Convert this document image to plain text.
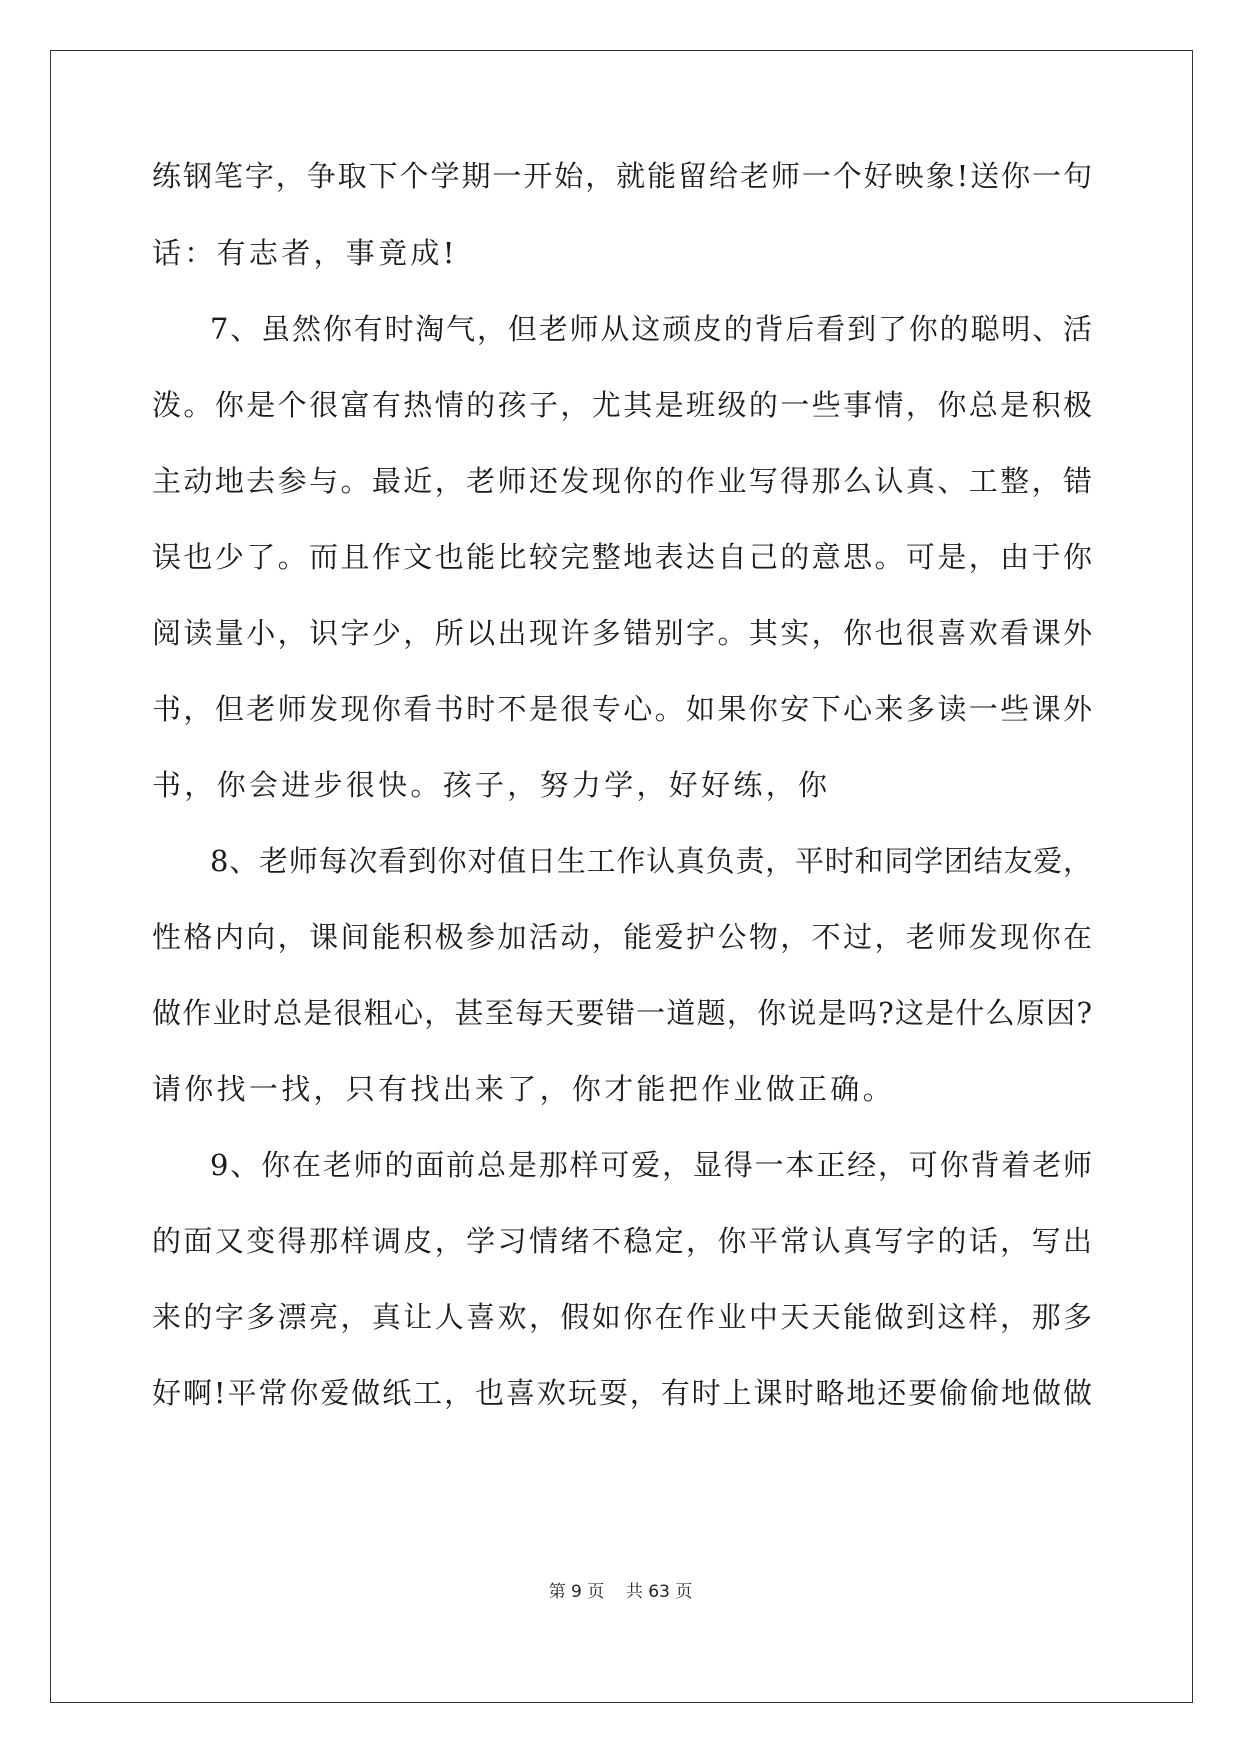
练钢笔字，争取下个学期一开始，就能留给老师一个好映象!送你一句
话：有志者，事竟成!
7、虽然你有时淘气，但老师从这顽皮的背后看到了你的聪明、活
泼。你是个很富有热情的孩子，尤其是班级的一些事情，你总是积极
主动地去参与。最近，老师还发现你的作业写得那么认真、工整，错
误也少了。而且作文也能比较完整地表达自己的意思。可是，由于你
阅读量小，识字少，所以出现许多错别字。其实，你也很喜欢看课外
书，但老师发现你看书时不是很专心。如果你安下心来多读一些课外
书，你会进步很快。孩子，努力学，好好练，你
8、老师每次看到你对值日生工作认真负责，平时和同学团结友爱，
性格内向，课间能积极参加活动，能爱护公物，不过，老师发现你在
做作业时总是很粗心，甚至每天要错一道题，你说是吗?这是什么原因?
请你找一找，只有找出来了，你才能把作业做正确。
9、你在老师的面前总是那样可爱，显得一本正经，可你背着老师
的面又变得那样调皮，学习情绪不稳定，你平常认真写字的话，写出
来的字多漂亮，真让人喜欢，假如你在作业中天天能做到这样，那多
好啊!平常你爱做纸工，也喜欢玩耍，有时上课时略地还要偷偷地做做
第 9 页 共 63 页
